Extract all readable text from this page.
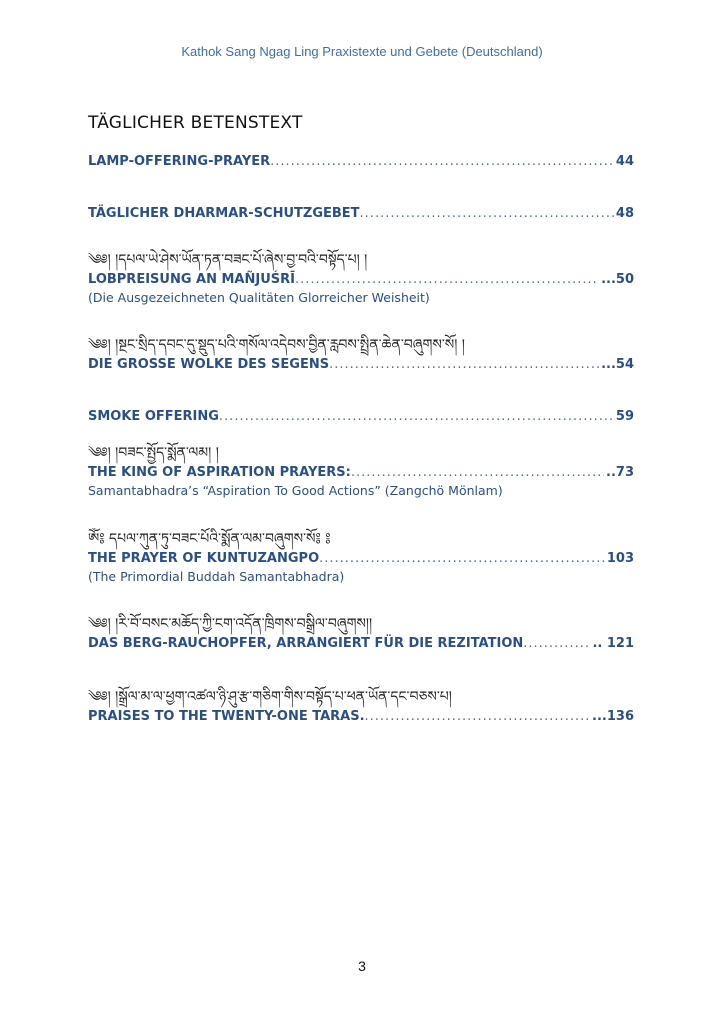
Kathok Sang Ngag Ling Praxistexte und Gebete (Deutschland)
TÄGLICHER BETENSTEXT
LAMP-OFFERING-PRAYER .....	44
TÄGLICHER DHARMAR-SCHUTZGEBET .....	48
༄༅། །དཔལ་ཡེ་ཤེས་ཡོན་ཏན་བཟང་པོ་ཞེས་བྱ་བའི་བསྟོད་པ། །
LOBPREISUNG AN MAÑJUŚRĪ .....	...50
(Die Ausgezeichneten Qualitäten Glorreicher Weisheit)
༄༅། །སྔང་སྲིད་དབང་དུ་སྡུད་པའི་གསོལ་འདེབས་བྱིན་རླབས་སྤྲིན་ཆེན་བཞུགས་སོ། །
DIE GROSSE WOLKE DES SEGENS .....	...54
SMOKE OFFERING .....	59
༄༅། །བཟང་སྤྱོད་སྨོན་ལམ། །
THE KING OF ASPIRATION PRAYERS: .....	..73
Samantabhadra’s “Aspiration To Good Actions” (Zangchö Mönlam)
ཨོཾ༔ དཔལ་ཀུན་ཏུ་བཟང་པོའི་སྨོན་ལམ་བཞུགས་སོ༔ ༔
THE PRAYER OF KUNTUZANGPO .....	103
(The Primordial Buddah Samantabhadra)
༄༅། །རི་བོ་བསང་མཆོད་ཀྱི་ངག་འདོན་ཁྲིགས་བསྒྲིལ་བཞུགས།།
DAS BERG-RAUCHOPFER, ARRANGIERT FÜR DIE REZITATION .....	.. 121
༄༅། །སྒྲོལ་མ་ལ་ཕྱག་འཚལ་ཉི་ཤུ་རྩ་གཅིག་གིས་བསྟོད་པ་ཕན་ཡོན་དང་བཅས་པ།
PRAISES TO THE TWENTY-ONE TARAS. .....	...136
3
